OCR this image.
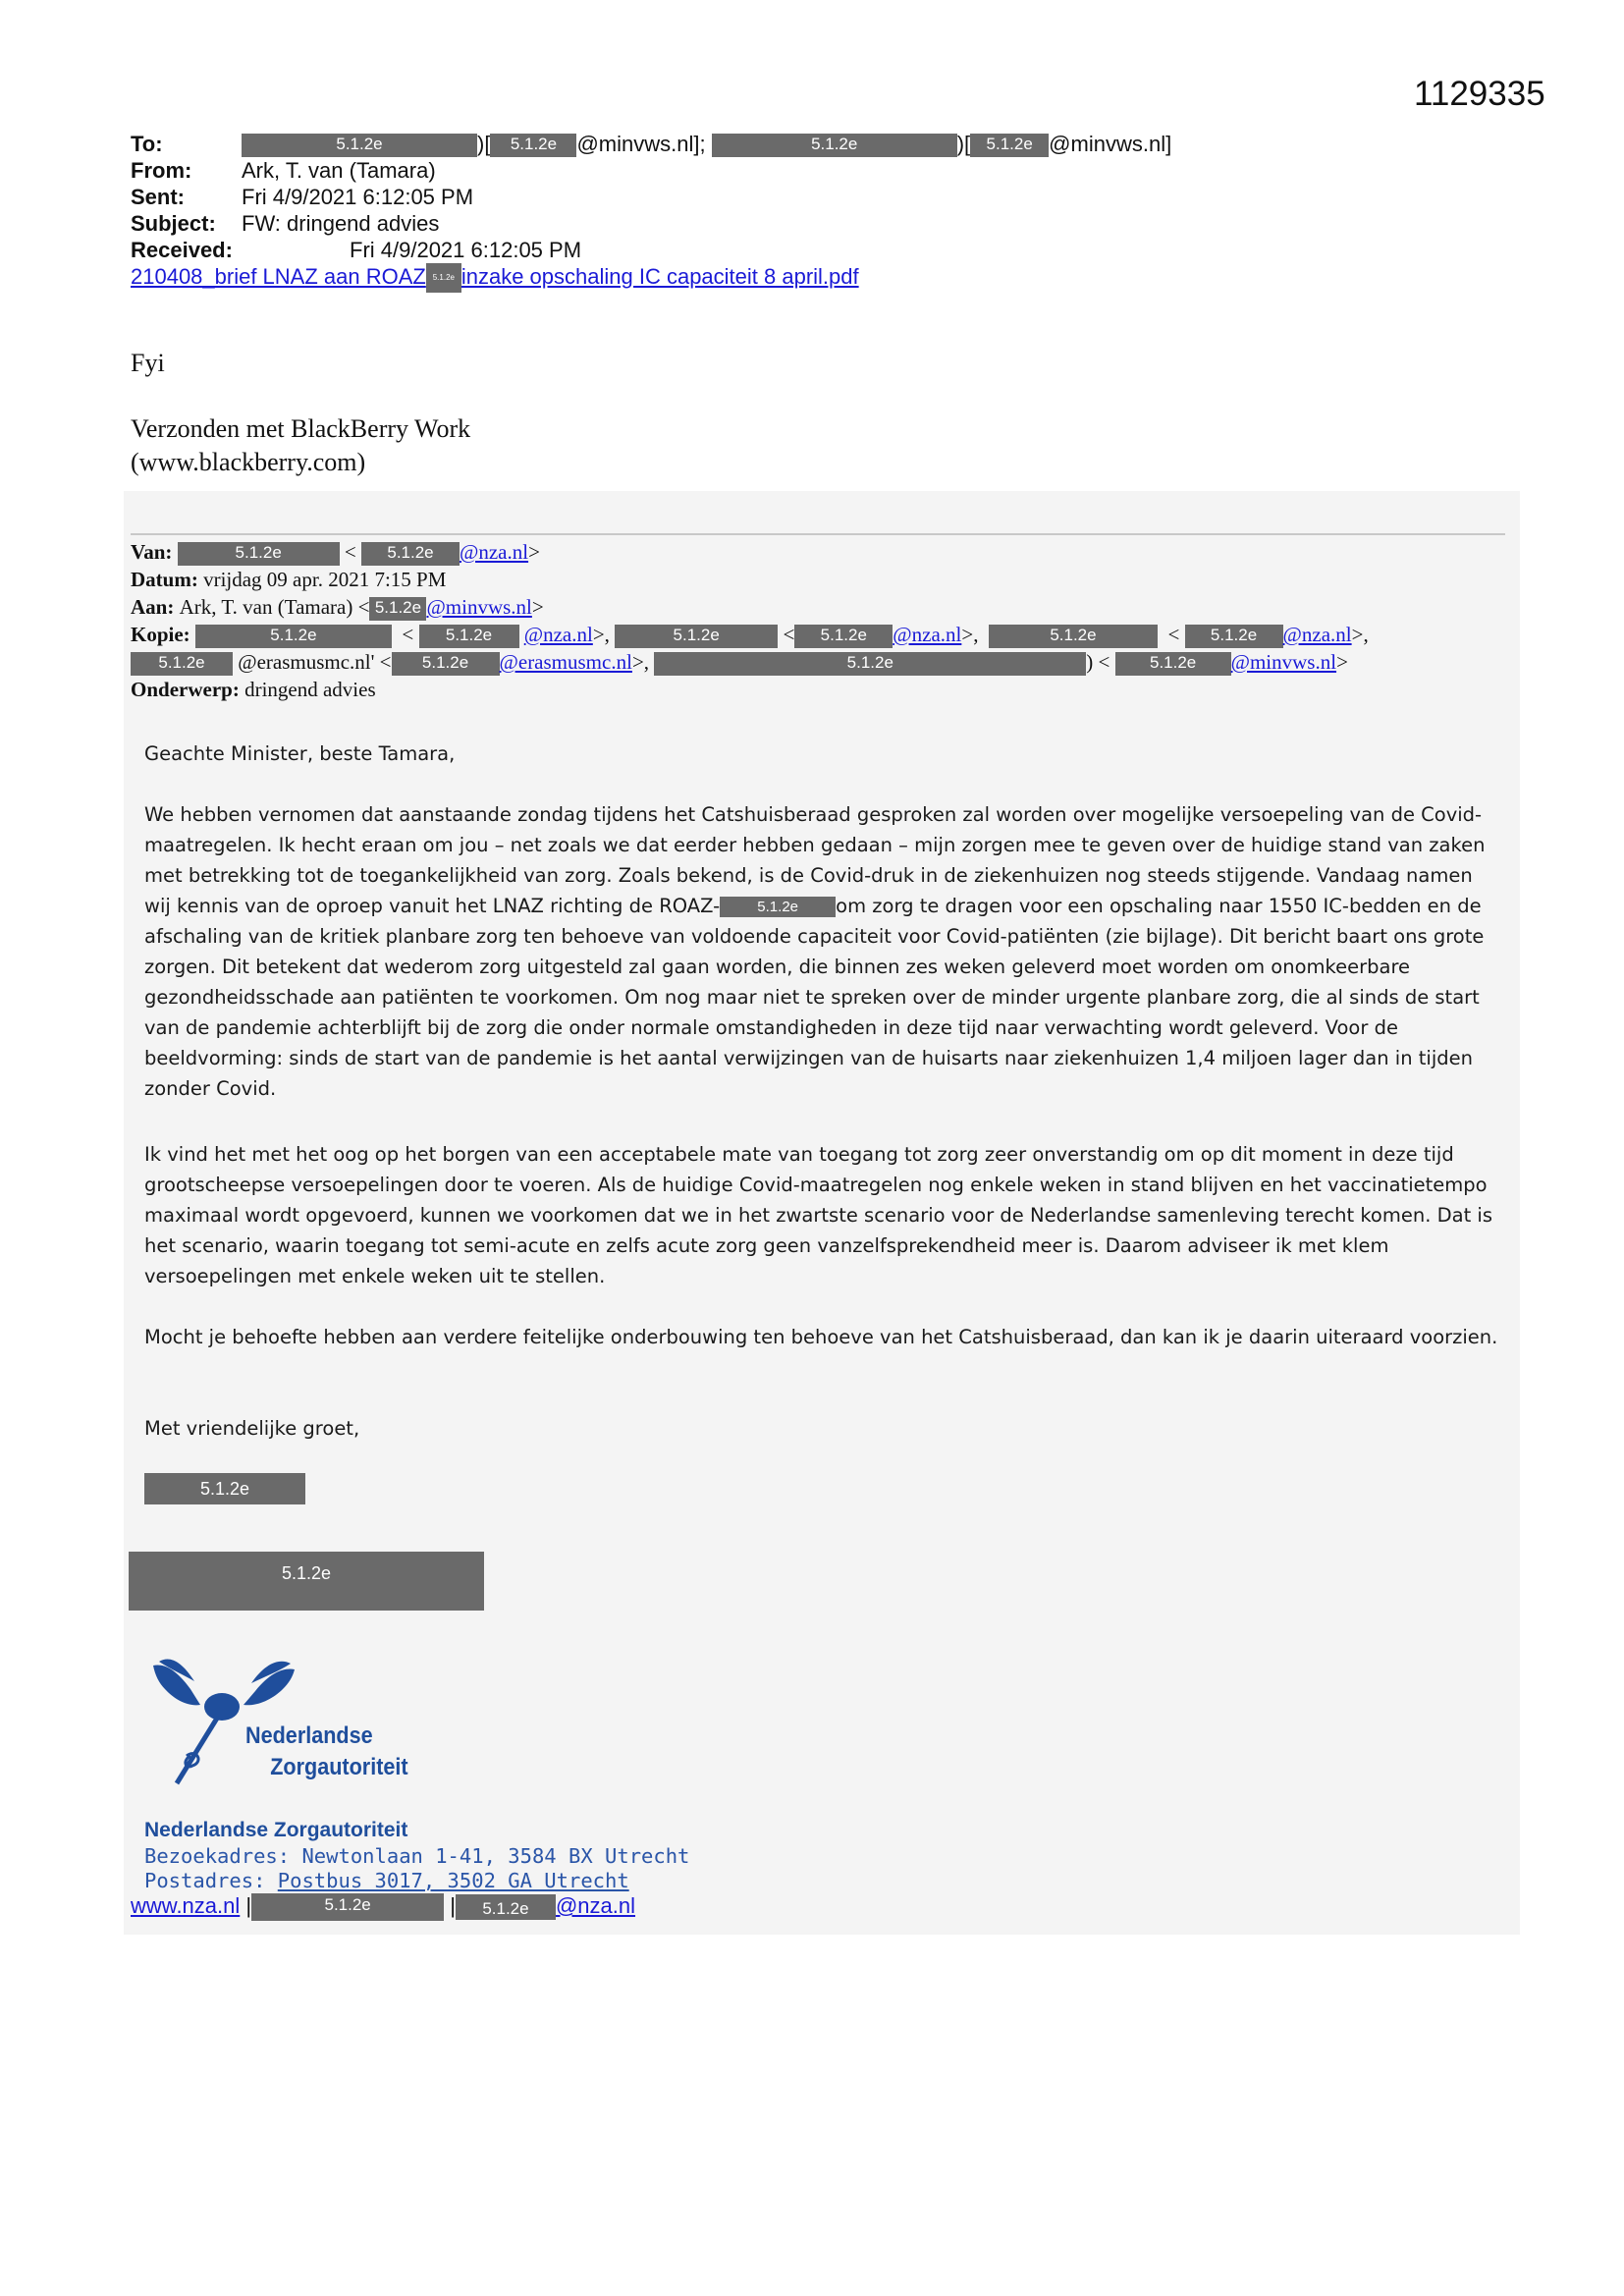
1129335
To:	5.1.2e	)[ 5.1.2e @minvws.nl];	5.1.2e	)[ 5.1.2e @minvws.nl]
From: Ark, T. van (Tamara)
Sent:	Fri 4/9/2021 6:12:05 PM
Subject: FW: dringend advies
Received:	Fri 4/9/2021 6:12:05 PM
210408_brief LNAZ aan ROAZ 5.1.2e inzake opschaling IC capaciteit 8 april.pdf
Fyi
Verzonden met BlackBerry Work
(www.blackberry.com)
Van:	5.1.2e	< 5.1.2e @nza.nl>
Datum: vrijdag 09 apr. 2021 7:15 PM
Aan: Ark, T. van (Tamara) < 5.1.2e @minvws.nl>
Kopie:	5.1.2e	< 5.1.2e @nza.nl>,	5.1.2e	< 5.1.2e @nza.nl>,	5.1.2e	< 5.1.2e @nza.nl>,
5.1.2e @erasmusmc.nl' < 5.1.2e @erasmusmc.nl>,	5.1.2e	) < 5.1.2e @minvws.nl>
Onderwerp: dringend advies
Geachte Minister, beste Tamara,

We hebben vernomen dat aanstaande zondag tijdens het Catshuisberaad gesproken zal worden over mogelijke versoepeling van de Covid-maatregelen. Ik hecht eraan om jou – net zoals we dat eerder hebben gedaan – mijn zorgen mee te geven over de huidige stand van zaken met betrekking tot de toegankelijkheid van zorg. Zoals bekend, is de Covid-druk in de ziekenhuizen nog steeds stijgende. Vandaag namen wij kennis van de oproep vanuit het LNAZ richting de ROAZ-	5.1.2e om zorg te dragen voor een opschaling naar 1550 IC-bedden en de afschaling van de kritiek planbare zorg ten behoeve van voldoende capaciteit voor Covid-patiënten (zie bijlage). Dit bericht baart ons grote zorgen. Dit betekent dat wederom zorg uitgesteld zal gaan worden, die binnen zes weken geleverd moet worden om onomkeerbare gezondheidsschade aan patiënten te voorkomen. Om nog maar niet te spreken over de minder urgente planbare zorg, die al sinds de start van de pandemie achterblijft bij de zorg die onder normale omstandigheden in deze tijd naar verwachting wordt geleverd. Voor de beeldvorming: sinds de start van de pandemie is het aantal verwijzingen van de huisarts naar ziekenhuizen 1,4 miljoen lager dan in tijden zonder Covid.

Ik vind het met het oog op het borgen van een acceptabele mate van toegang tot zorg zeer onverstandig om op dit moment in deze tijd grootscheepse versoepelingen door te voeren. Als de huidige Covid-maatregelen nog enkele weken in stand blijven en het vaccinatietempo maximaal wordt opgevoerd, kunnen we voorkomen dat we in het zwartste scenario voor de Nederlandse samenleving terecht komen. Dat is het scenario, waarin toegang tot semi-acute en zelfs acute zorg geen vanzelfsprekendheid meer is. Daarom adviseer ik met klem versoepelingen met enkele weken uit te stellen.
Mocht je behoefte hebben aan verdere feitelijke onderbouwing ten behoeve van het Catshuisberaad, dan kan ik je daarin uiteraard voorzien.
Met vriendelijke groet,
5.1.2e
5.1.2e
Nederlandse
Zorgautoriteit
Nederlandse Zorgautoriteit
Bezoekadres: Newtonlaan 1-41, 3584 BX Utrecht
Postadres: Postbus 3017, 3502 GA Utrecht
www.nza.nl |	5.1.2e	| 5.1.2e @nza.nl
